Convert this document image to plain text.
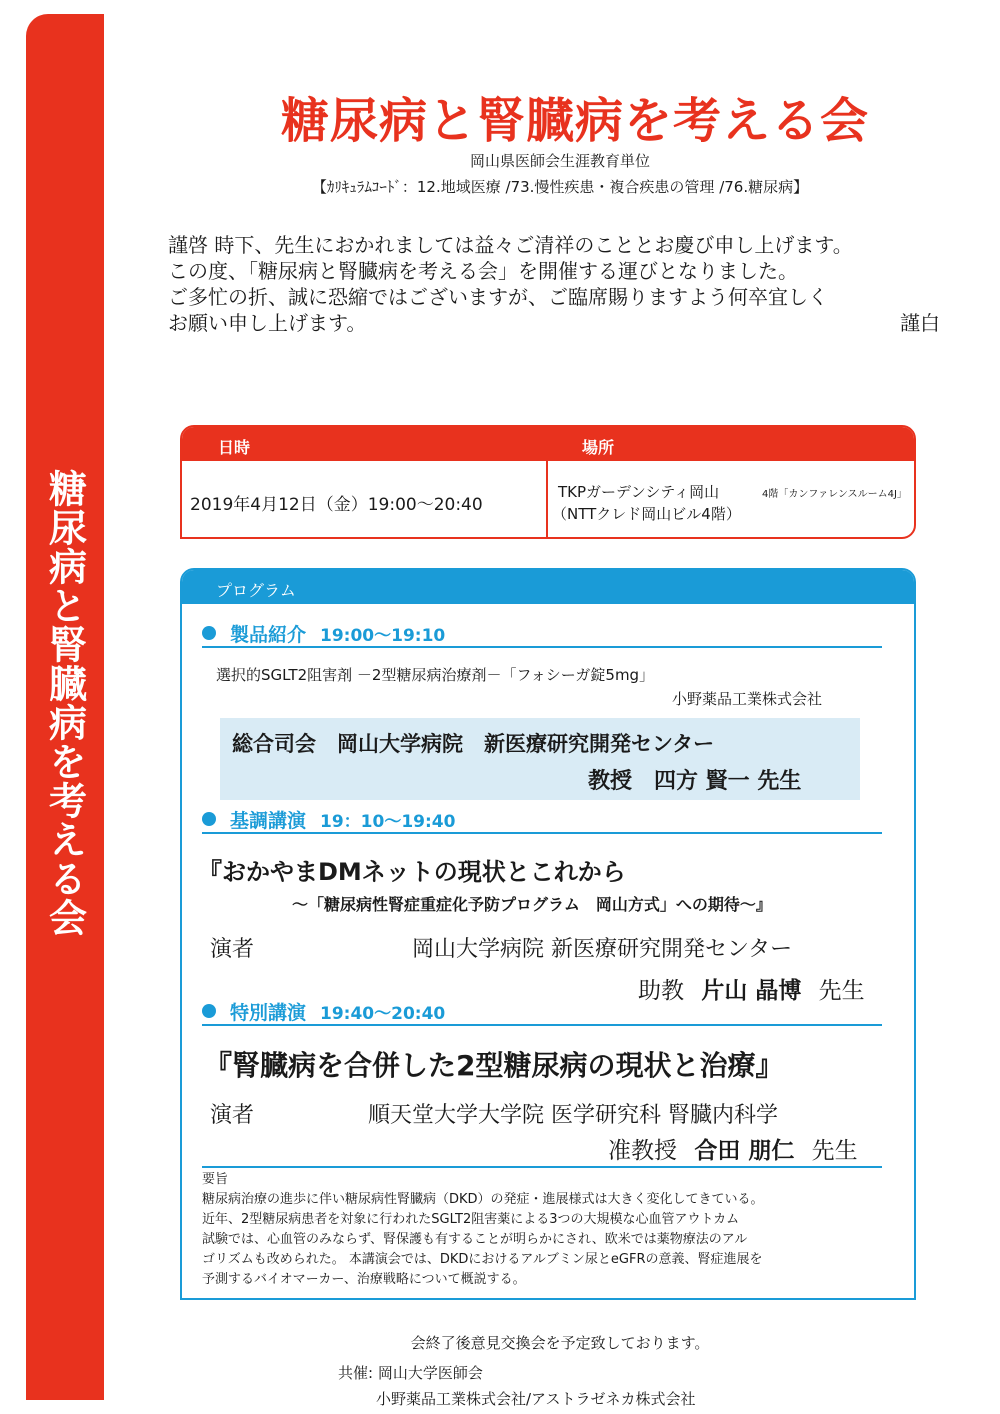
糖尿病と腎臓病を考える会
糖尿病と腎臓病を考える会
岡山県医師会生涯教育単位
【ｶﾘｷｭﾗﾑｺｰﾄﾞ：12.地域医療 /73.慢性疾患・複合疾患の管理 /76.糖尿病】
謹啓 時下、先生におかれましては益々ご清祥のこととお慶び申し上げます。
この度、「糖尿病と腎臓病を考える会」を開催する運びとなりました。
ご多忙の折、誠に恐縮ではございますが、ご臨席賜りますよう何卒宜しく
お願い申し上げます。	謹白
日時	場所
2019年4月12日（金）19:00～20:40
TKPガーデンシティ岡山	4階「カンファレンスルーム4J」
（NTTクレド岡山ビル4階）
プログラム
製品紹介 19:00～19:10
選択的SGLT2阻害剤 －2型糖尿病治療剤－「フォシーガ錠5mg」
小野薬品工業株式会社
総合司会　岡山大学病院　新医療研究開発センター
教授　四方 賢一 先生
基調講演 19：10～19:40
『おかやまDMネットの現状とこれから
～「糖尿病性腎症重症化予防プログラム　岡山方式」への期待～』
演者	岡山大学病院 新医療研究開発センター
助教 片山 晶博 先生
特別講演 19:40～20:40
『腎臓病を合併した2型糖尿病の現状と治療』
演者	順天堂大学大学院 医学研究科 腎臓内科学
准教授 合田 朋仁 先生
要旨
糖尿病治療の進歩に伴い糖尿病性腎臓病（DKD）の発症・進展様式は大きく変化してきている。
近年、2型糖尿病患者を対象に行われたSGLT2阻害薬による3つの大規模な心血管アウトカム
試験では、心血管のみならず、腎保護も有することが明らかにされ、欧米では薬物療法のアル
ゴリズムも改められた。 本講演会では、DKDにおけるアルブミン尿とeGFRの意義、腎症進展を
予測するバイオマーカー、治療戦略について概説する。
会終了後意見交換会を予定致しております。
共催: 岡山大学医師会
小野薬品工業株式会社/アストラゼネカ株式会社
